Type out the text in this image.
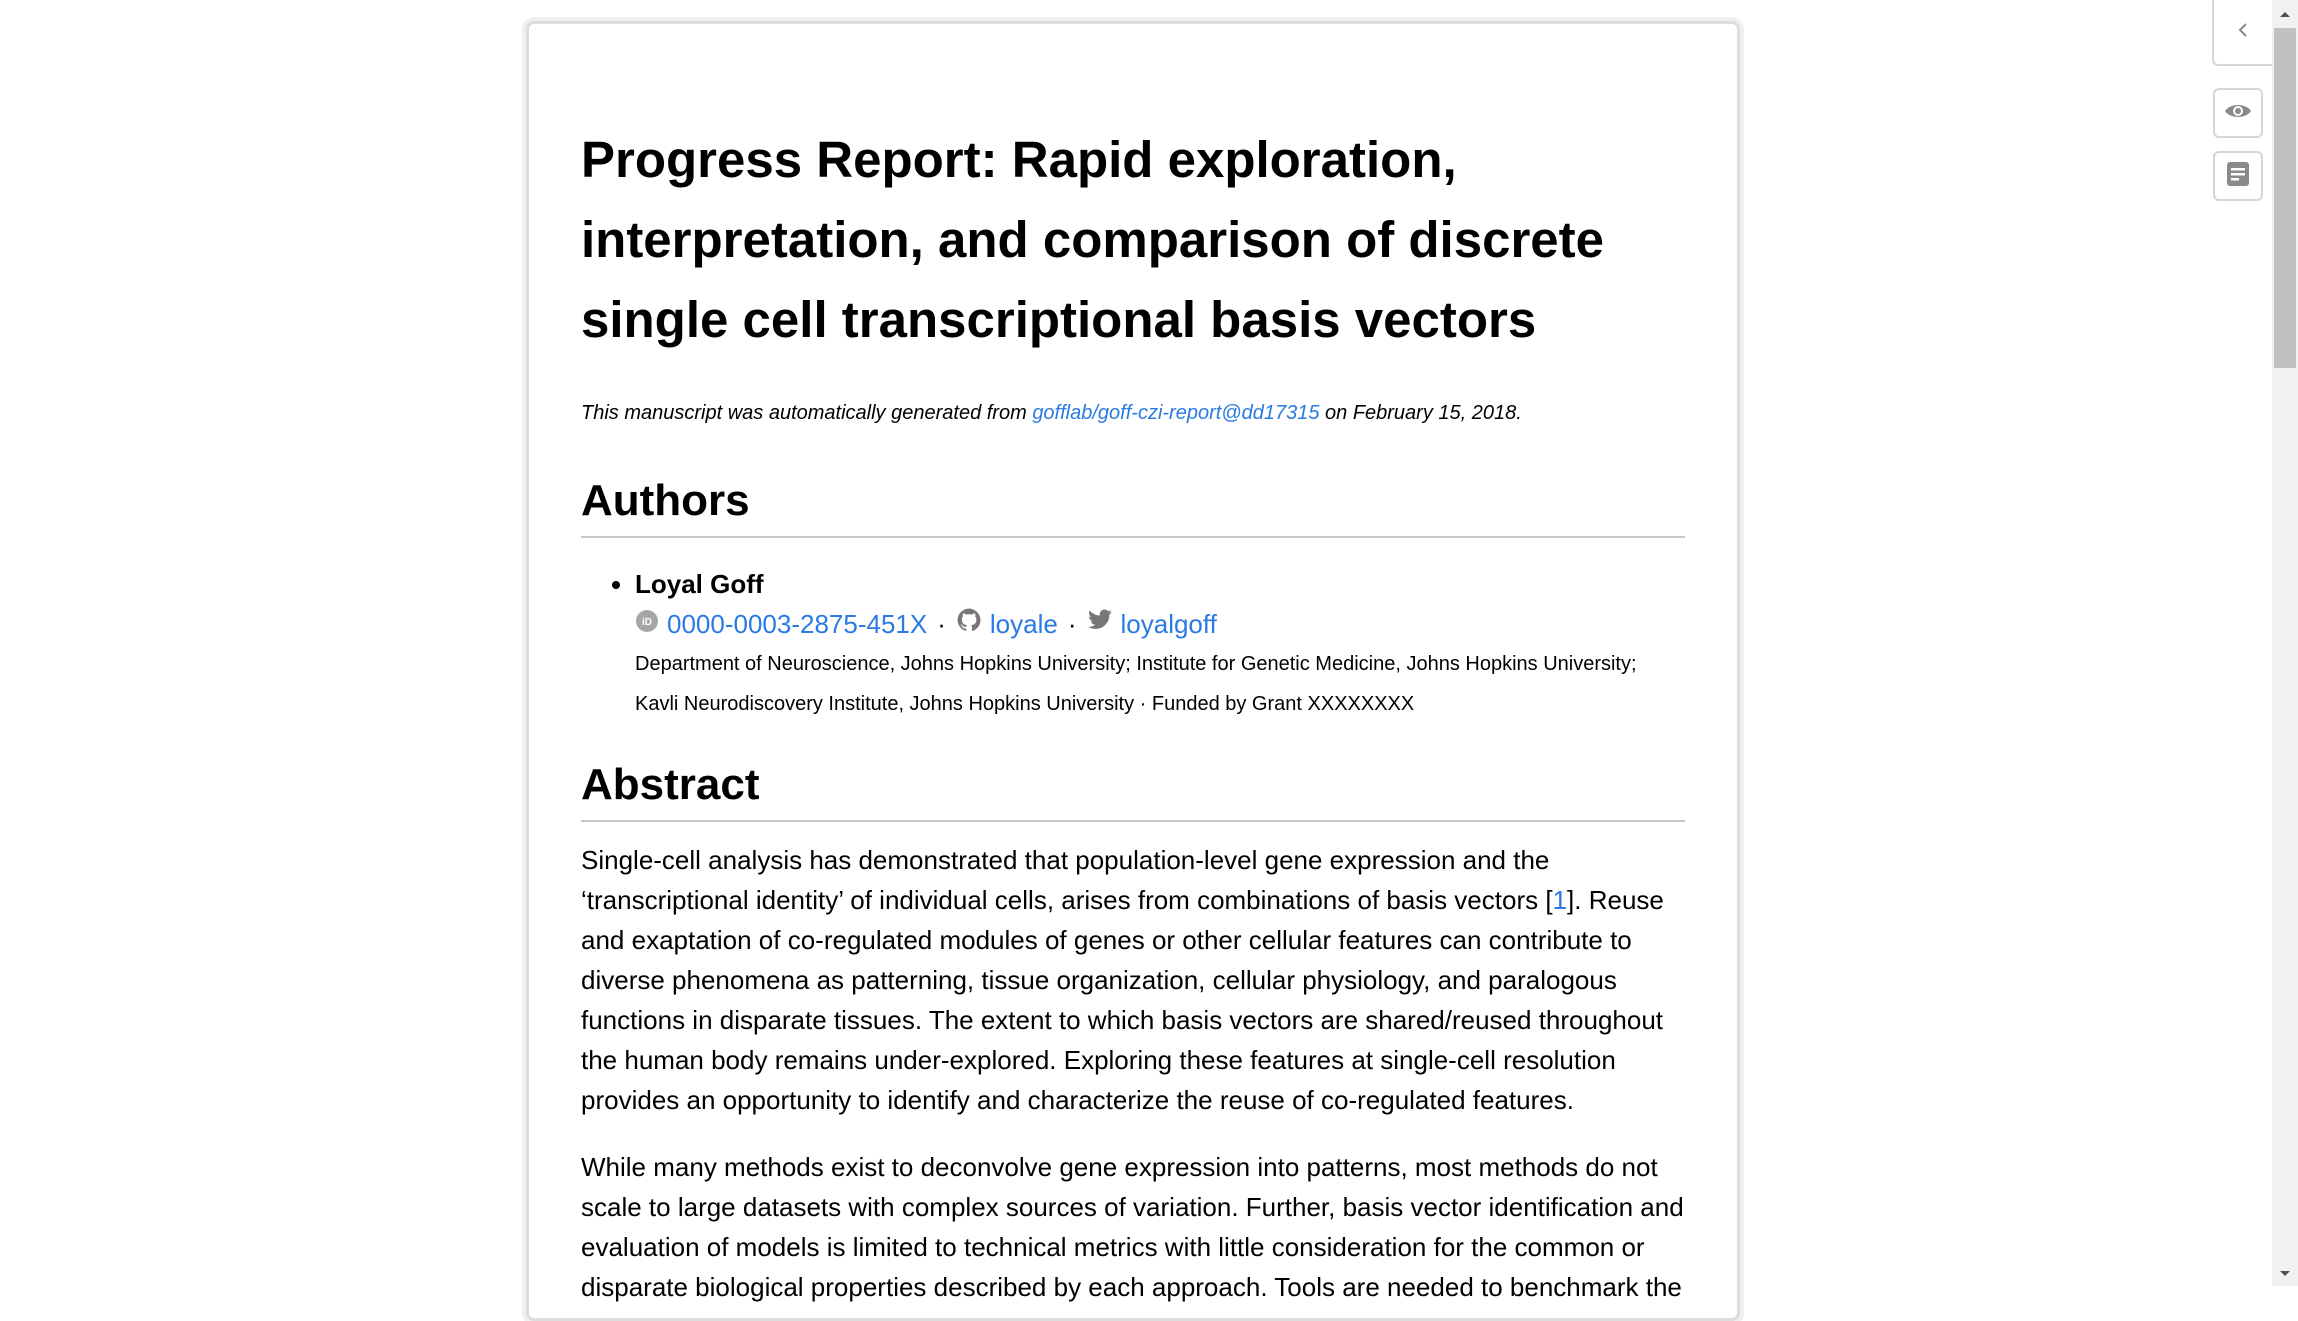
Progress Report: Rapid exploration, interpretation, and comparison of discrete single cell transcriptional basis vectors
This manuscript was automatically generated from gofflab/goff-czi-report@dd17315 on February 15, 2018.
Authors
• Loyal Goff
iD 0000-0003-2875-451X · loyale · loyalgoff
Department of Neuroscience, Johns Hopkins University; Institute for Genetic Medicine, Johns Hopkins University;
Kavli Neurodiscovery Institute, Johns Hopkins University · Funded by Grant XXXXXXXX
Abstract

Single-cell analysis has demonstrated that population-level gene expression and the ‘transcriptional identity’ of individual cells, arises from combinations of basis vectors [1]. Reuse and exaptation of co-regulated modules of genes or other cellular features can contribute to diverse phenomena as patterning, tissue organization, cellular physiology, and paralogous functions in disparate tissues. The extent to which basis vectors are shared/reused throughout the human body remains under-explored. Exploring these features at single-cell resolution provides an opportunity to identify and characterize the reuse of co-regulated features.

While many methods exist to deconvolve gene expression into patterns, most methods do not scale to large datasets with complex sources of variation. Further, basis vector identification and evaluation of models is limited to technical metrics with little consideration for the common or disparate biological properties described by each approach. Tools are needed to benchmark the
